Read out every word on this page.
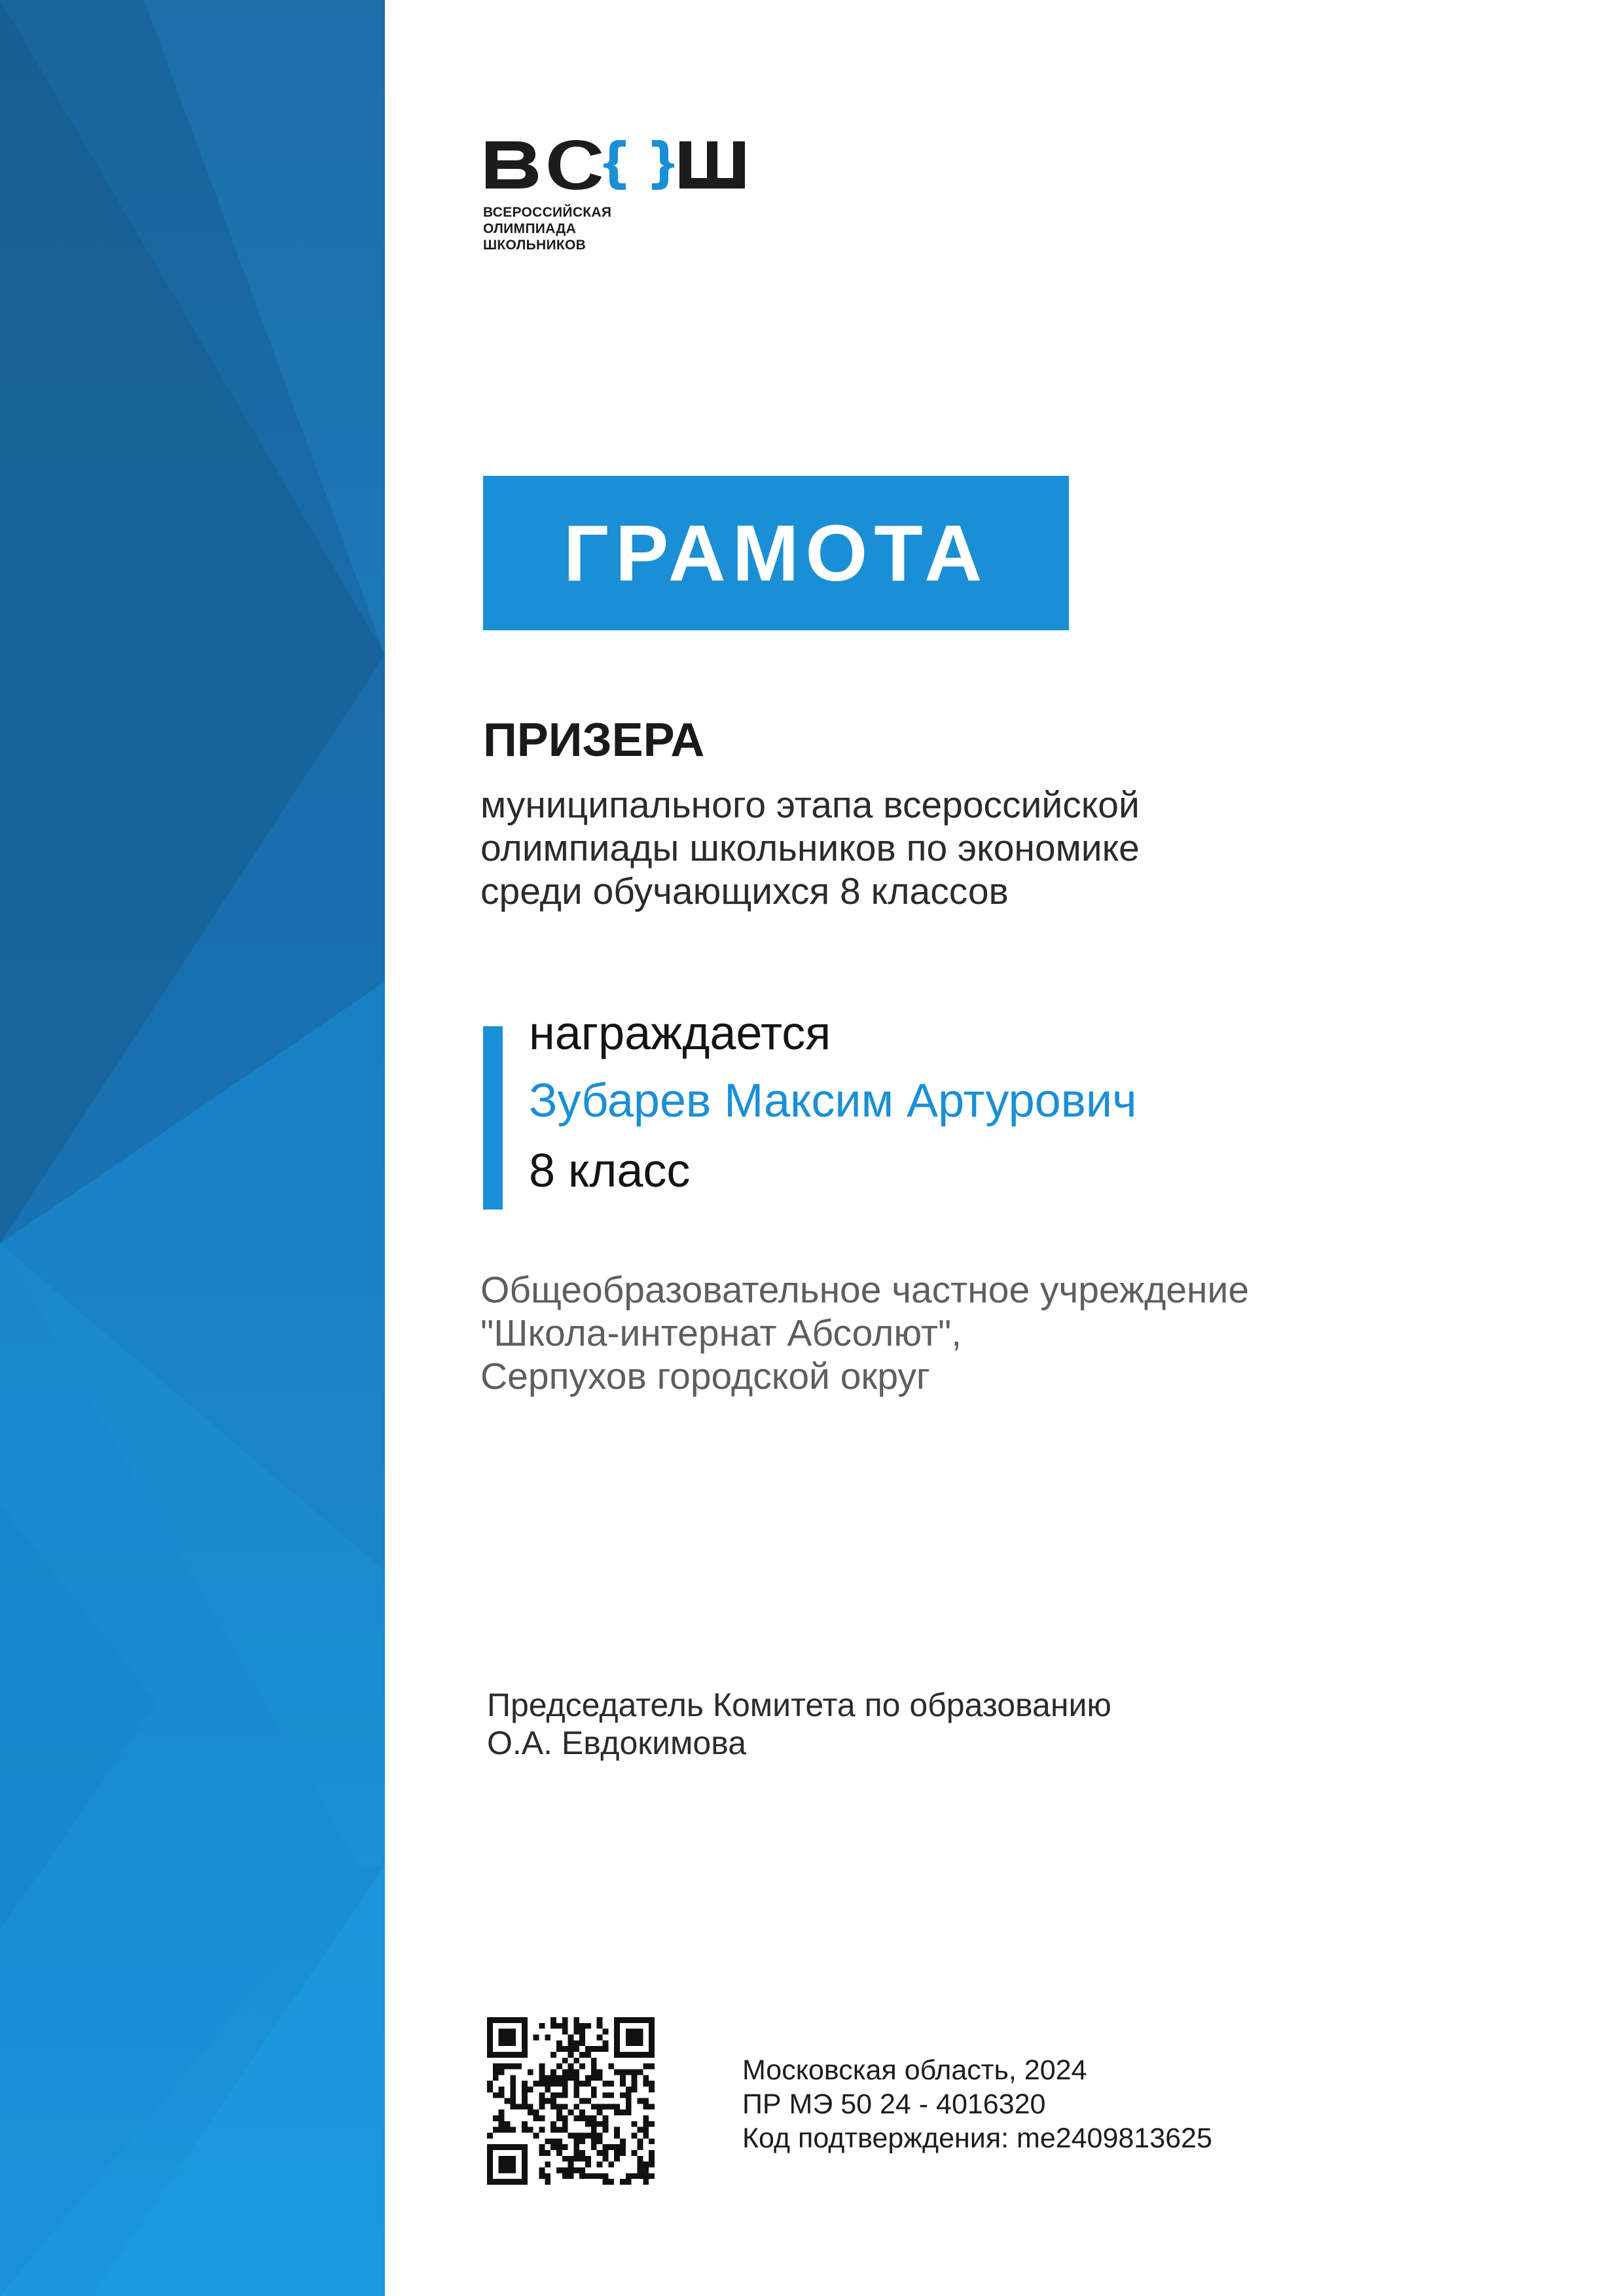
ВСЕРОССИЙСКАЯ
ОЛИМПИАДА
ШКОЛЬНИКОВ
ГРАМОТА
ПРИЗЕРА
муниципального этапа всероссийской
олимпиады школьников по экономике
среди обучающихся 8 классов
награждается
Зубарев Максим Артурович
8 класс
Общеобразовательное частное учреждение
"Школа-интернат Абсолют",
Серпухов городской округ
Председатель Комитета по образованию
О.А. Евдокимова
Московская область, 2024
ПР МЭ 50 24 - 4016320
Код подтверждения: me2409813625
